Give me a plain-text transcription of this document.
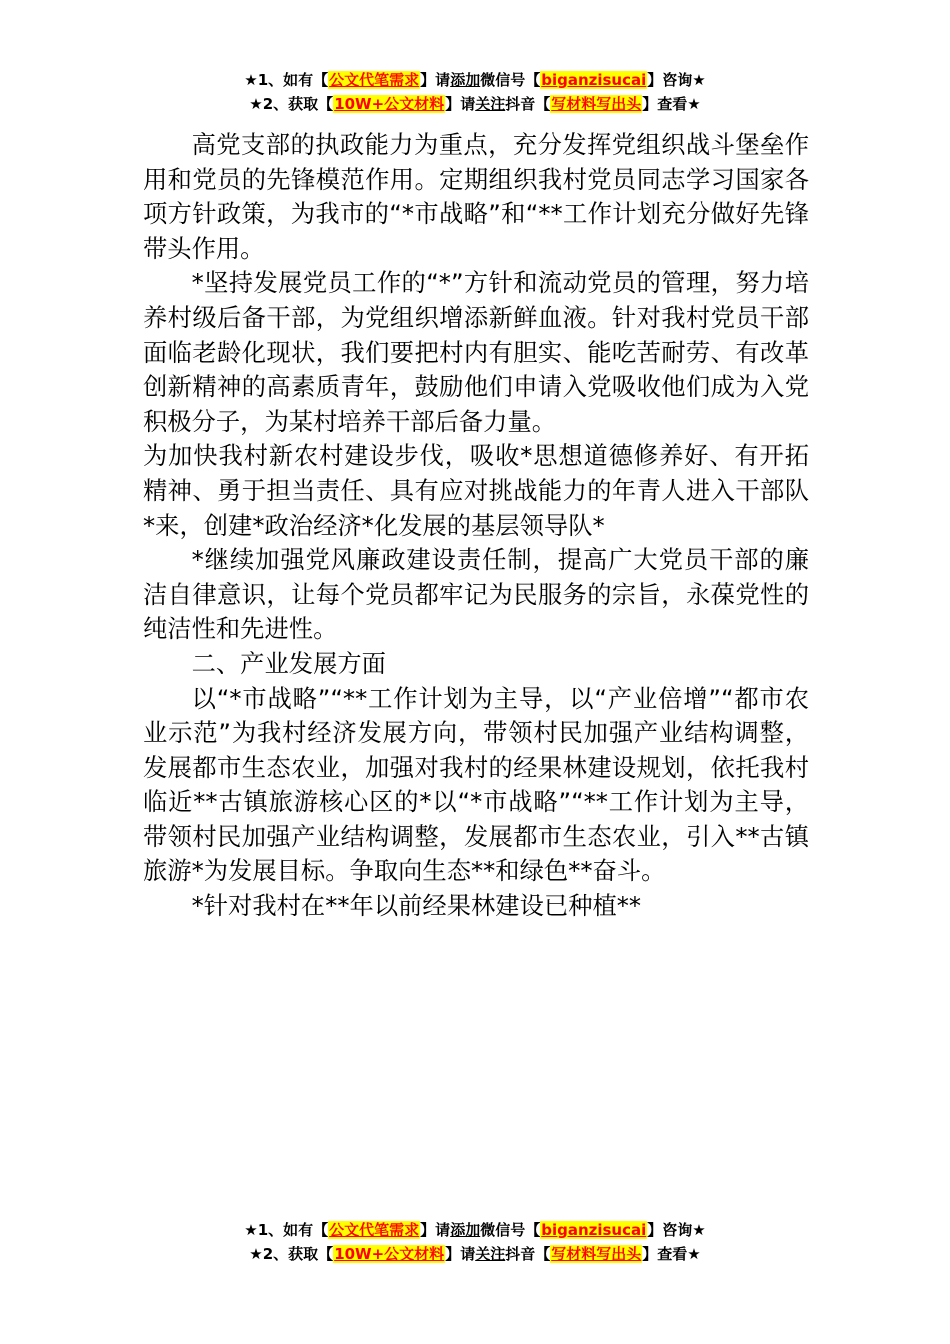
★1、如有【公文代笔需求】请添加微信号【biganzisucai】咨询★
★2、获取【10W+公文材料】请关注抖音【写材料写出头】查看★

高党支部的执政能力为重点，充分发挥党组织战斗堡垒作用和党员的先锋模范作用。定期组织我村党员同志学习国家各项方针政策，为我市的“*市战略”和“**工作计划充分做好先锋带头作用。

*坚持发展党员工作的“*”方针和流动党员的管理，努力培养村级后备干部，为党组织增添新鲜血液。针对我村党员干部面临老龄化现状，我们要把村内有胆实、能吃苦耐劳、有改革创新精神的高素质青年，鼓励他们申请入党吸收他们成为入党积极分子，为某村培养干部后备力量。

为加快我村新农村建设步伐，吸收*思想道德修养好、有开拓精神、勇于担当责任、具有应对挑战能力的年青人进入干部队*来，创建*政治经济*化发展的基层领导队*

*继续加强党风廉政建设责任制，提高广大党员干部的廉洁自律意识，让每个党员都牢记为民服务的宗旨，永葆党性的纯洁性和先进性。

二、产业发展方面

以“*市战略”“**工作计划为主导，以“产业倍增”“都市农业示范”为我村经济发展方向，带领村民加强产业结构调整，发展都市生态农业，加强对我村的经果林建设规划，依托我村临近**古镇旅游核心区的*以“*市战略”“**工作计划为主导，带领村民加强产业结构调整，发展都市生态农业，引入**古镇旅游*为发展目标。争取向生态**和绿色**奋斗。

*针对我村在**年以前经果林建设已种植**

★1、如有【公文代笔需求】请添加微信号【biganzisucai】咨询★
★2、获取【10W+公文材料】请关注抖音【写材料写出头】查看★
